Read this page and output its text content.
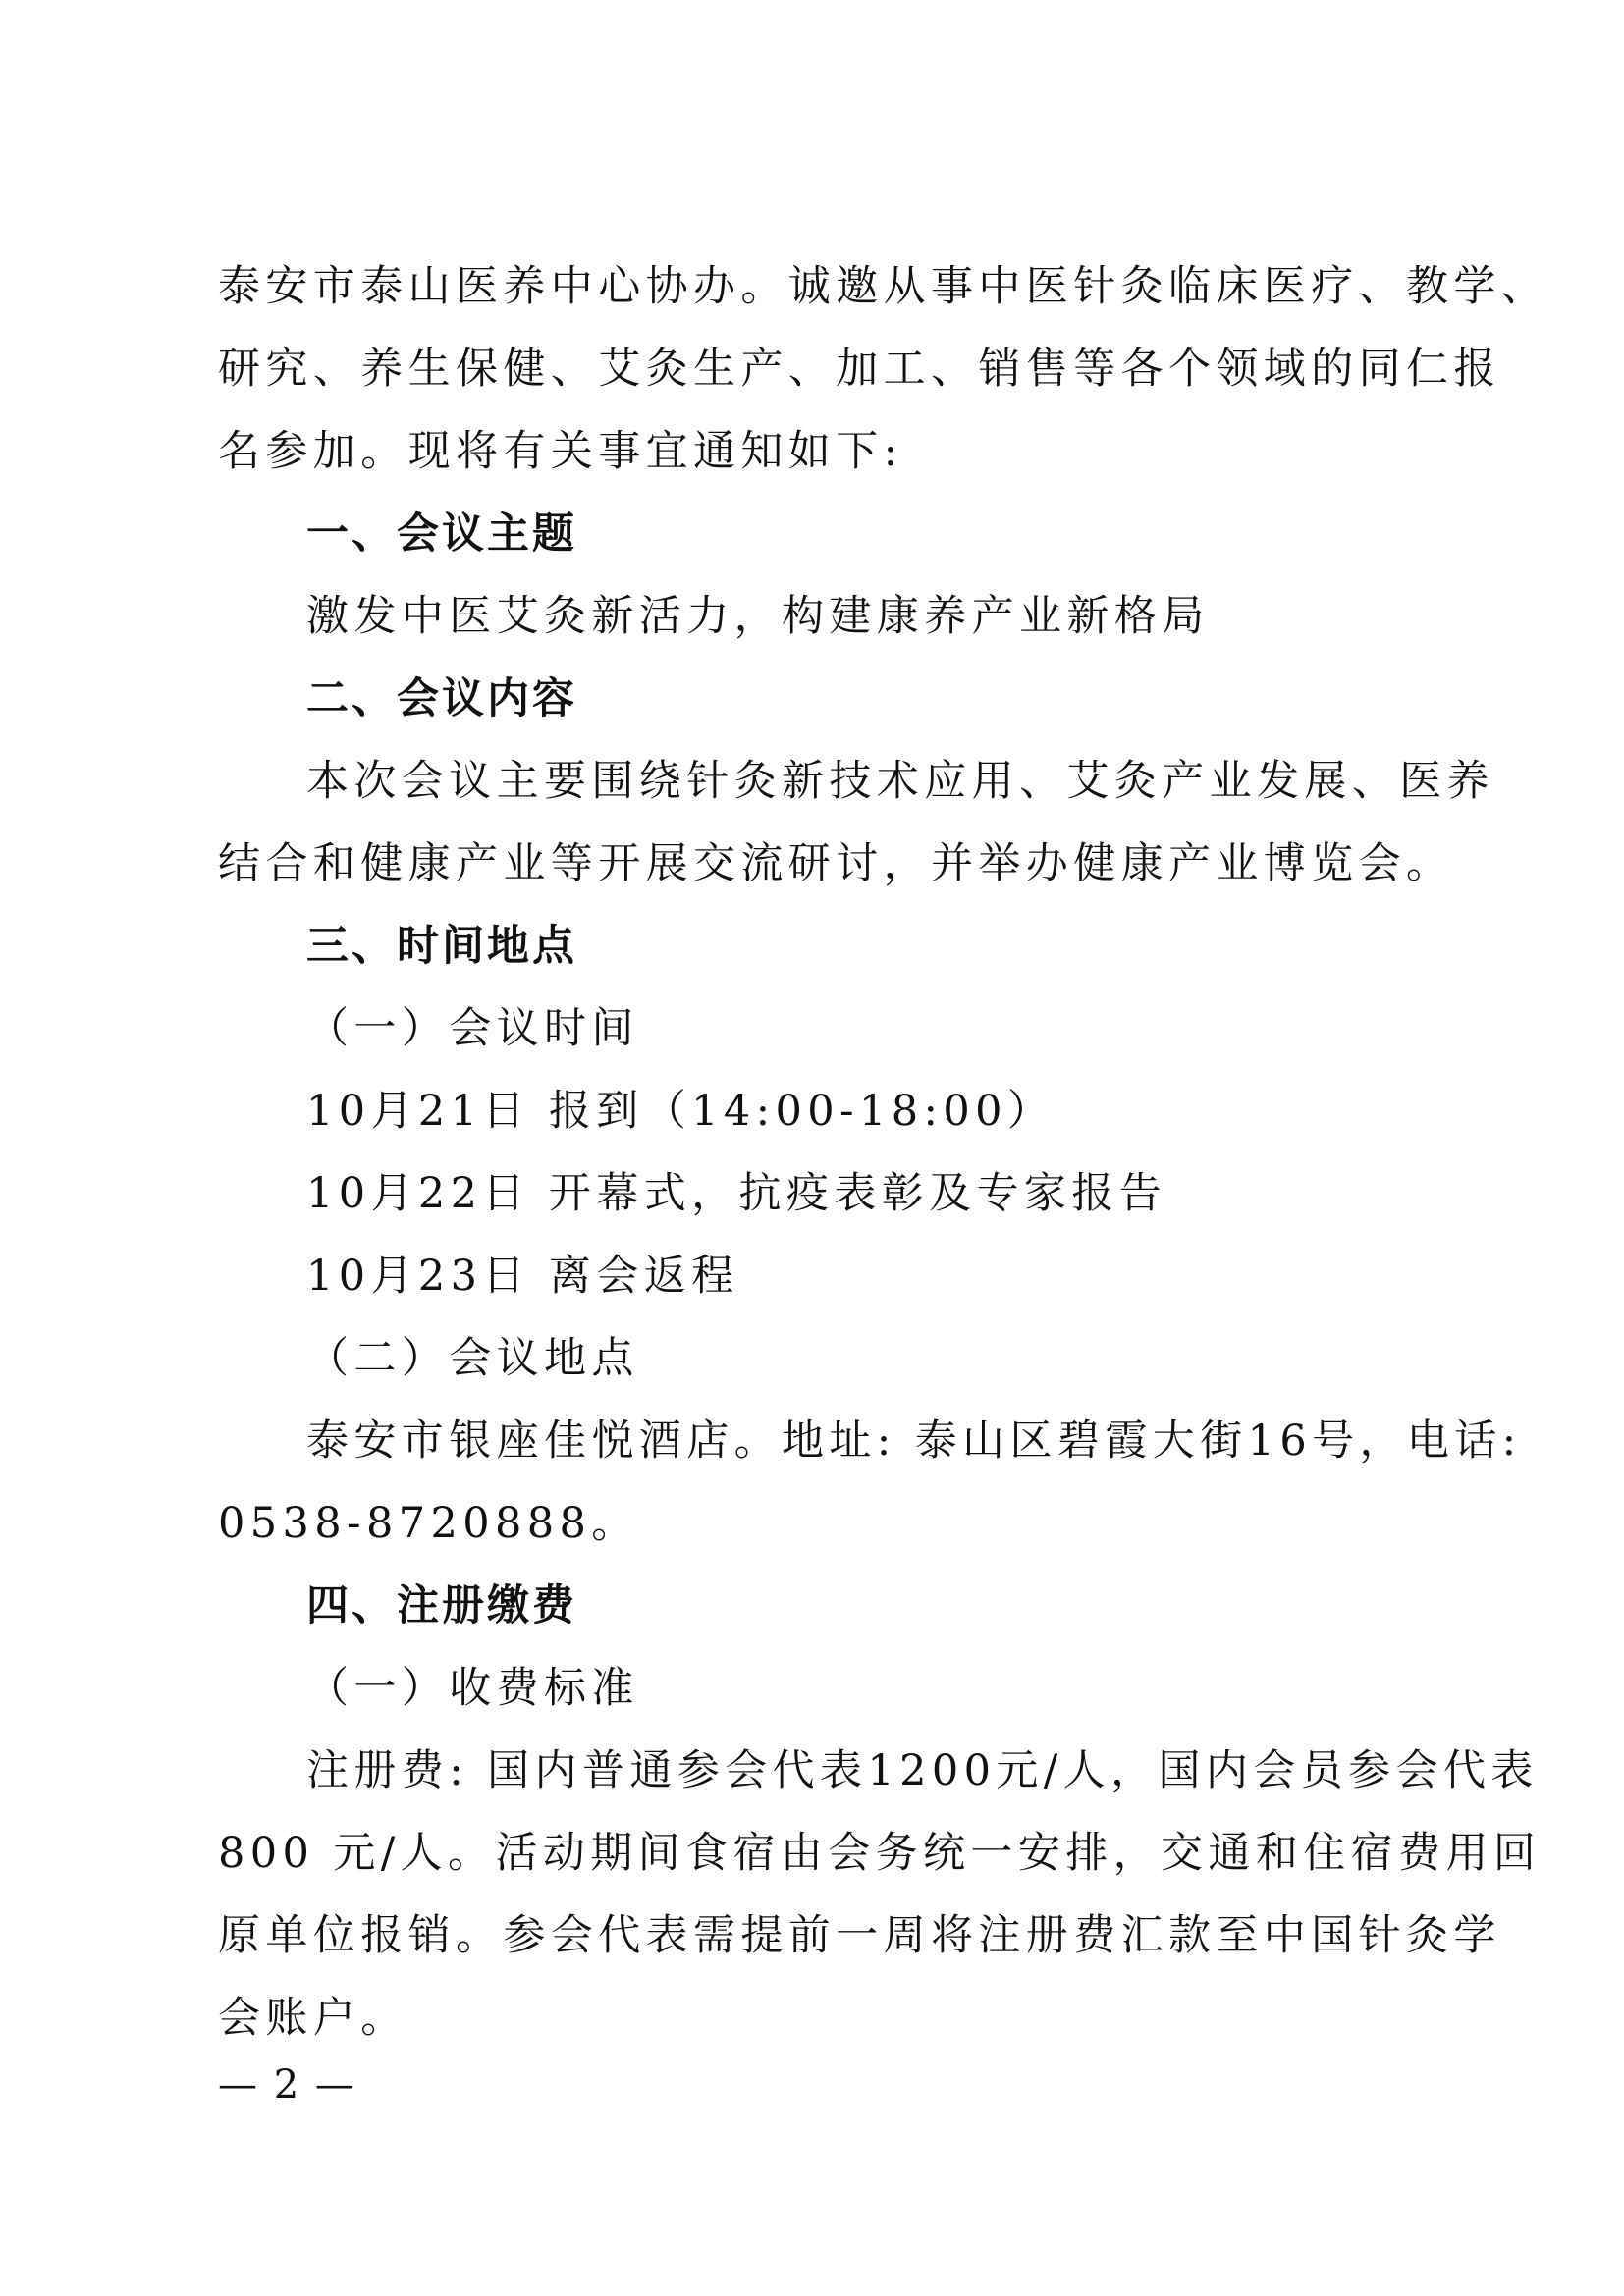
泰安市泰山医养中心协办。诚邀从事中医针灸临床医疗、教学、
研究、养生保健、艾灸生产、加工、销售等各个领域的同仁报
名参加。现将有关事宜通知如下:
一、会议主题
激发中医艾灸新活力，构建康养产业新格局
二、会议内容
本次会议主要围绕针灸新技术应用、艾灸产业发展、医养
结合和健康产业等开展交流研讨，并举办健康产业博览会。
三、时间地点
（一）会议时间
10月21日 报到（14:00-18:00）
10月22日 开幕式，抗疫表彰及专家报告
10月23日 离会返程
（二）会议地点
泰安市银座佳悦酒店。地址: 泰山区碧霞大街16号，电话:
0538-8720888。
四、注册缴费
（一）收费标准
注册费: 国内普通参会代表1200元/人，国内会员参会代表
800 元/人。活动期间食宿由会务统一安排，交通和住宿费用回
原单位报销。参会代表需提前一周将注册费汇款至中国针灸学
会账户。
— 2 —
